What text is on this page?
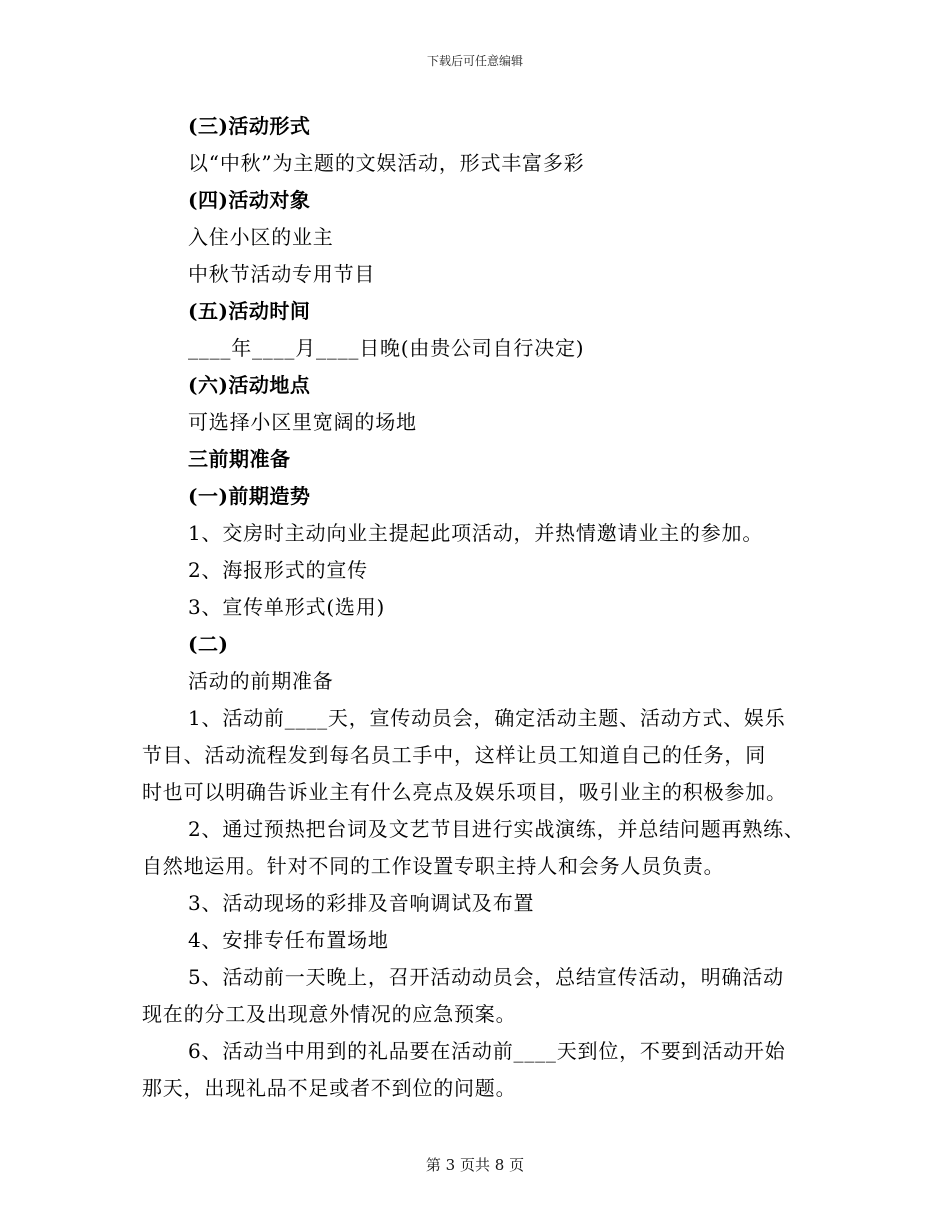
下载后可任意编辑
(三)活动形式
以“中秋”为主题的文娱活动，形式丰富多彩
(四)活动对象
入住小区的业主
中秋节活动专用节目
(五)活动时间
____年____月____日晚(由贵公司自行决定)
(六)活动地点
可选择小区里宽阔的场地
三前期准备
(一)前期造势
1、交房时主动向业主提起此项活动，并热情邀请业主的参加。
2、海报形式的宣传
3、宣传单形式(选用)
(二)
活动的前期准备
1、活动前____天，宣传动员会，确定活动主题、活动方式、娱乐
节目、活动流程发到每名员工手中，这样让员工知道自己的任务，同
时也可以明确告诉业主有什么亮点及娱乐项目，吸引业主的积极参加。
2、通过预热把台词及文艺节目进行实战演练，并总结问题再熟练、
自然地运用。针对不同的工作设置专职主持人和会务人员负责。
3、活动现场的彩排及音响调试及布置
4、安排专任布置场地
5、活动前一天晚上，召开活动动员会，总结宣传活动，明确活动
现在的分工及出现意外情况的应急预案。
6、活动当中用到的礼品要在活动前____天到位，不要到活动开始
那天，出现礼品不足或者不到位的问题。
第 3 页共 8 页
